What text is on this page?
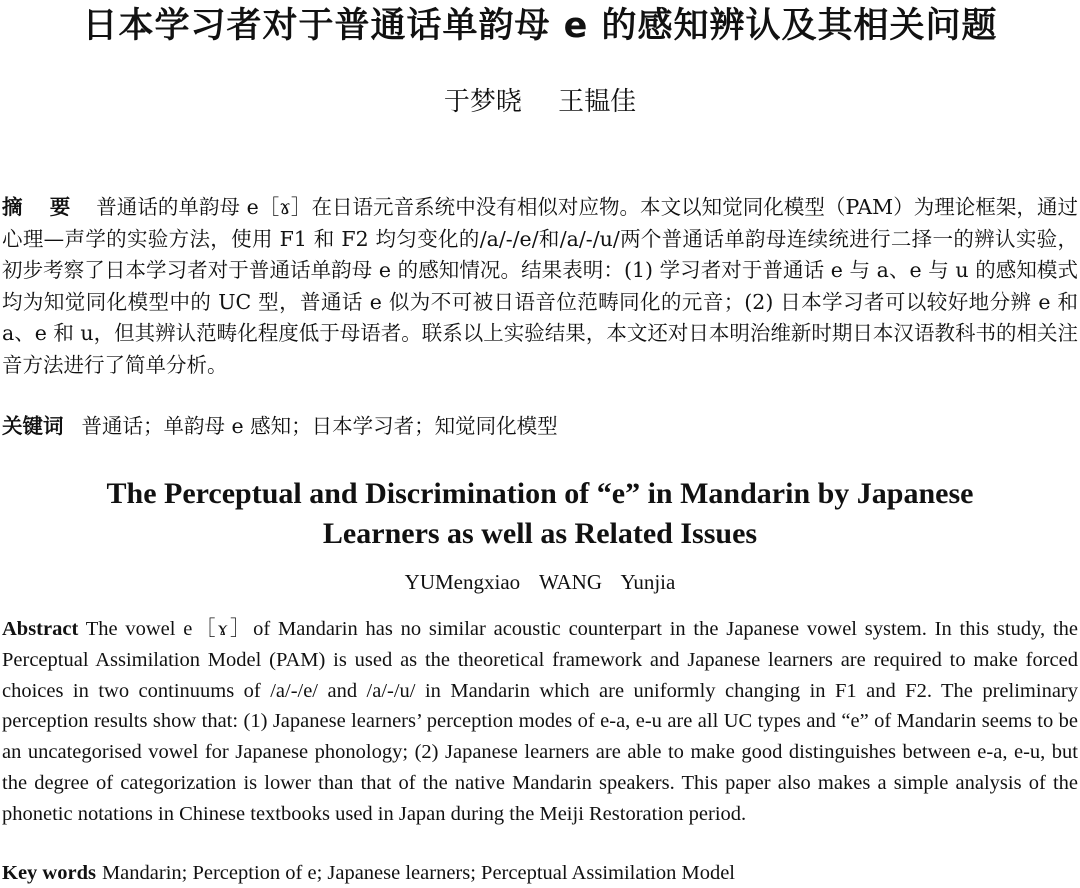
日本学习者对于普通话单韵母 e 的感知辨认及其相关问题
于梦晓 王韫佳
摘 要 普通话的单韵母 e［ɤ］在日语元音系统中没有相似对应物。本文以知觉同化模型（PAM）为理论框架，通过心理—声学的实验方法，使用 F1 和 F2 均匀变化的/a/-/e/和/a/-/u/两个普通话单韵母连续统进行二择一的辨认实验，初步考察了日本学习者对于普通话单韵母 e 的感知情况。结果表明：(1) 学习者对于普通话 e 与 a、e 与 u 的感知模式均为知觉同化模型中的 UC 型，普通话 e 似为不可被日语音位范畴同化的元音；(2) 日本学习者可以较好地分辨 e 和 a、e 和 u，但其辨认范畴化程度低于母语者。联系以上实验结果，本文还对日本明治维新时期日本汉语教科书的相关注音方法进行了简单分析。
关键词 普通话；单韵母 e 感知；日本学习者；知觉同化模型
The Perceptual and Discrimination of “e” in Mandarin by Japanese Learners as well as Related Issues
YUMengxiao WANG Yunjia
Abstract The vowel e［ɤ］of Mandarin has no similar acoustic counterpart in the Japanese vowel system. In this study, the Perceptual Assimilation Model (PAM) is used as the theoretical framework and Japanese learners are required to make forced choices in two continuums of /a/-/e/ and /a/-/u/ in Mandarin which are uniformly changing in F1 and F2. The preliminary perception results show that: (1) Japanese learners’ perception modes of e-a, e-u are all UC types and “e” of Mandarin seems to be an uncategorised vowel for Japanese phonology; (2) Japanese learners are able to make good distinguishes between e-a, e-u, but the degree of categorization is lower than that of the native Mandarin speakers. This paper also makes a simple analysis of the phonetic notations in Chinese textbooks used in Japan during the Meiji Restoration period.
Key words Mandarin; Perception of e; Japanese learners; Perceptual Assimilation Model
